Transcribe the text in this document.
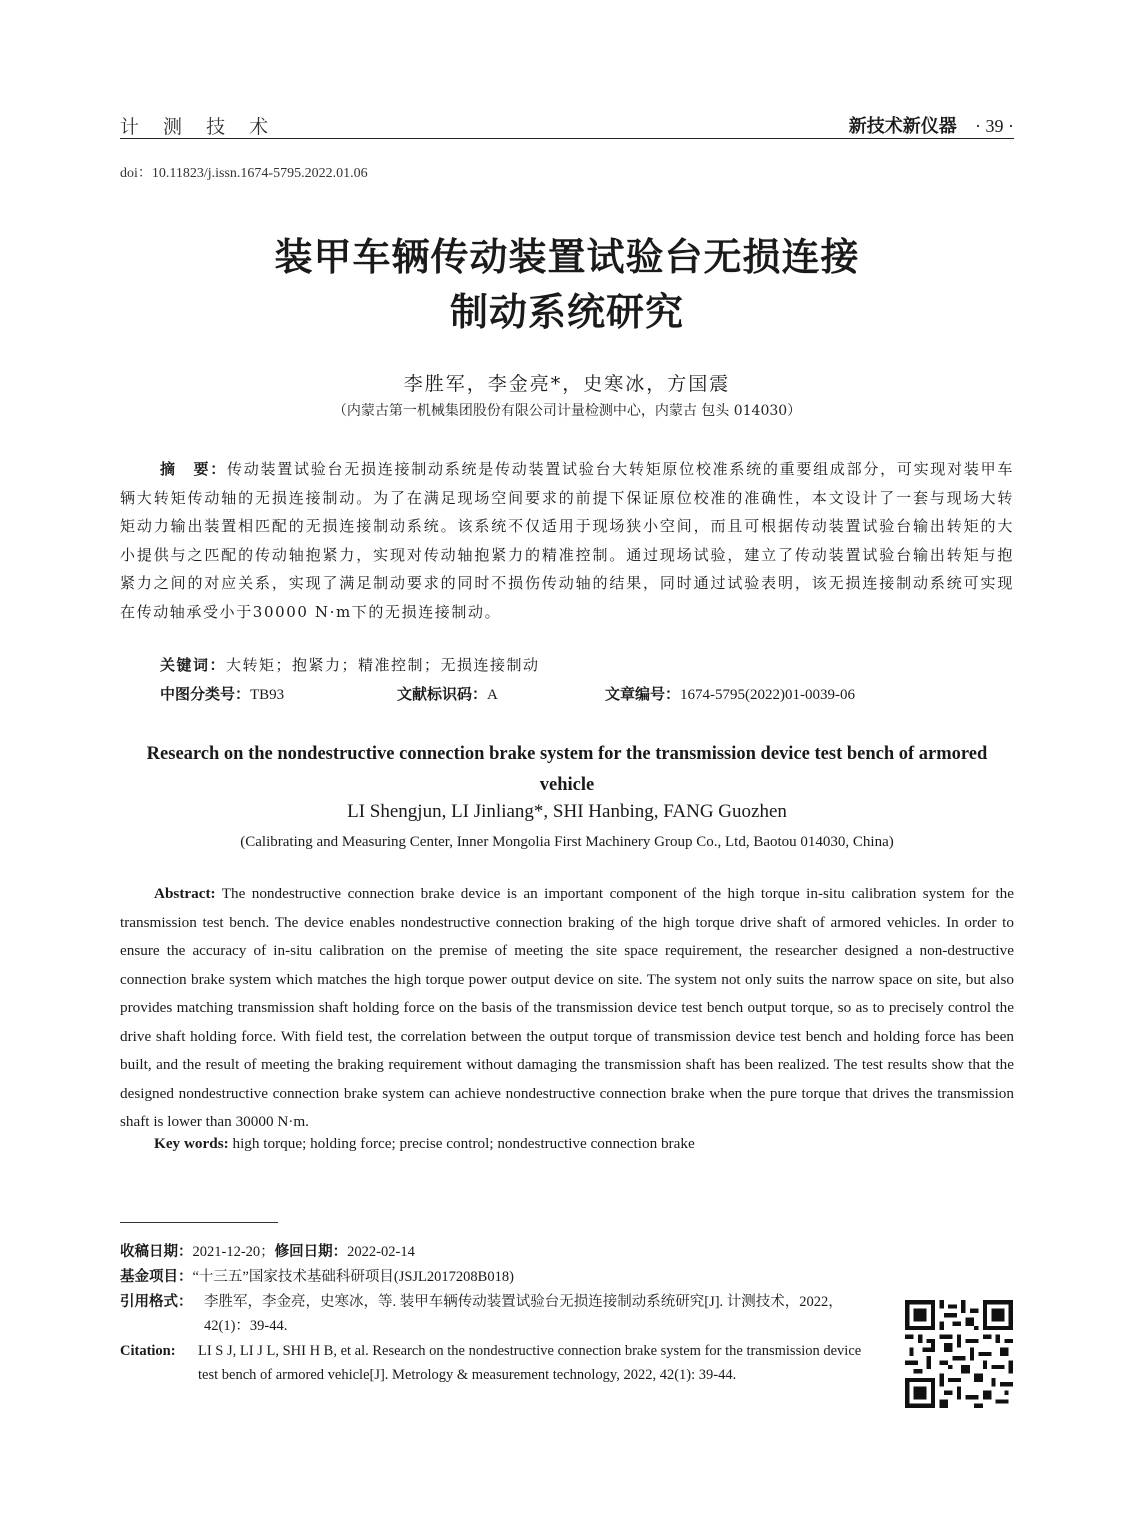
计 测 技 术	新技术新仪器 · 39 ·
doi：10.11823/j.issn.1674-5795.2022.01.06
装甲车辆传动装置试验台无损连接
制动系统研究
李胜军，李金亮*，史寒冰，方国震
（内蒙古第一机械集团股份有限公司计量检测中心，内蒙古 包头 014030）
摘　要：传动装置试验台无损连接制动系统是传动装置试验台大转矩原位校准系统的重要组成部分，可实现对装甲车辆大转矩传动轴的无损连接制动。为了在满足现场空间要求的前提下保证原位校准的准确性，本文设计了一套与现场大转矩动力输出装置相匹配的无损连接制动系统。该系统不仅适用于现场狭小空间，而且可根据传动装置试验台输出转矩的大小提供与之匹配的传动轴抱紧力，实现对传动轴抱紧力的精准控制。通过现场试验，建立了传动装置试验台输出转矩与抱紧力之间的对应关系，实现了满足制动要求的同时不损伤传动轴的结果，同时通过试验表明，该无损连接制动系统可实现在传动轴承受小于30000 N·m下的无损连接制动。
关键词：大转矩；抱紧力；精准控制；无损连接制动
中图分类号：TB93	文献标识码：A	文章编号：1674-5795(2022)01-0039-06
Research on the nondestructive connection brake system for the transmission device test bench of armored vehicle
LI Shengjun, LI Jinliang*, SHI Hanbing, FANG Guozhen
(Calibrating and Measuring Center, Inner Mongolia First Machinery Group Co., Ltd, Baotou 014030, China)
Abstract: The nondestructive connection brake device is an important component of the high torque in-situ calibration system for the transmission test bench. The device enables nondestructive connection braking of the high torque drive shaft of armored vehicles. In order to ensure the accuracy of in-situ calibration on the premise of meeting the site space requirement, the researcher designed a non-destructive connection brake system which matches the high torque power output device on site. The system not only suits the narrow space on site, but also provides matching transmission shaft holding force on the basis of the transmission device test bench output torque, so as to precisely control the drive shaft holding force. With field test, the correlation between the output torque of transmission device test bench and holding force has been built, and the result of meeting the braking requirement without damaging the transmission shaft has been realized. The test results show that the designed nondestructive connection brake system can achieve nondestructive connection brake when the pure torque that drives the transmission shaft is lower than 30000 N·m.
Key words: high torque; holding force; precise control; nondestructive connection brake
收稿日期：2021-12-20；修回日期：2022-02-14
基金项目：“十三五”国家技术基础科研项目(JSJL2017208B018)
引用格式： 李胜军，李金亮，史寒冰，等. 装甲车辆传动装置试验台无损连接制动系统研究[J]. 计测技术，2022，42(1)：39-44.
Citation: LI S J, LI J L, SHI H B, et al. Research on the nondestructive connection brake system for the transmission device test bench of armored vehicle[J]. Metrology & measurement technology, 2022, 42(1): 39-44.
